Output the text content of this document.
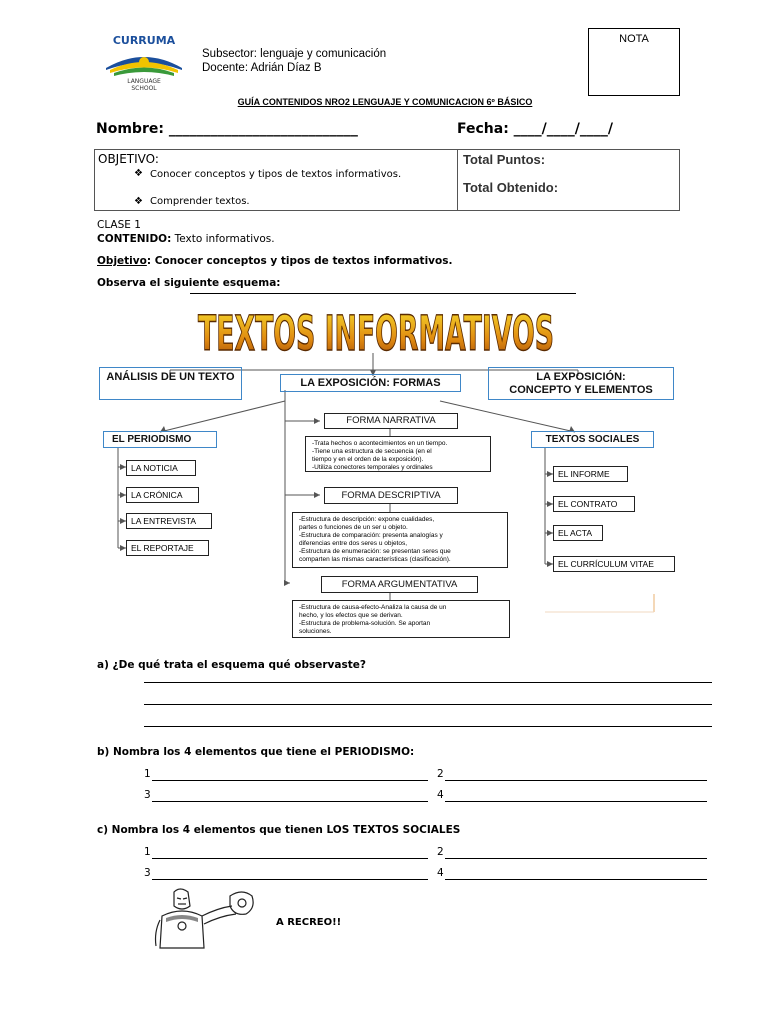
CURRUMA
LANGUAGE
SCHOOL
Subsector: lenguaje y comunicación
Docente: Adrián Díaz B
NOTA
GUÍA CONTENIDOS NRO2 LENGUAJE Y COMUNICACION 6º BÁSICO
Nombre: ___________________________	Fecha: ____/____/____/
OBJETIVO:
❖ Conocer conceptos y tipos de textos informativos.
❖ Comprender textos.
Total Puntos:
Total Obtenido:
CLASE 1
CONTENIDO: Texto informativos.
Objetivo: Conocer conceptos y tipos de textos informativos.
Observa el siguiente esquema:
TEXTOS INFORMATIVOS
ANÁLISIS DE UN TEXTO	LA EXPOSICIÓN: FORMAS	LA EXPOSICIÓN: CONCEPTO Y ELEMENTOS
EL PERIODISMO	TEXTOS SOCIALES
LA NOTICIA
LA CRÓNICA
LA ENTREVISTA
EL REPORTAJE
EL INFORME
EL CONTRATO
EL ACTA
EL CURRÍCULUM VITAE
FORMA NARRATIVA
-Trata hechos o acontecimientos en un tiempo.
-Tiene una estructura de secuencia (en el
tiempo y en el orden de la exposición).
-Utiliza conectores temporales y ordinales
FORMA DESCRIPTIVA
-Estructura de descripción: expone cualidades,
partes o funciones de un ser u objeto.
-Estructura de comparación: presenta analogías y
diferencias entre dos seres u objetos,
-Estructura de enumeración: se presentan seres que
comparten las mismas características (clasificación).
FORMA ARGUMENTATIVA
-Estructura de causa-efecto-Analiza la causa de un
hecho, y los efectos que se derivan.
-Estructura de problema-solución. Se aportan
soluciones.
a) ¿De qué trata el esquema qué observaste?
b) Nombra los 4 elementos que tiene el PERIODISMO:
1	2
3	4
c) Nombra los 4 elementos que tienen LOS TEXTOS SOCIALES
1	2
3	4
A RECREO!!
